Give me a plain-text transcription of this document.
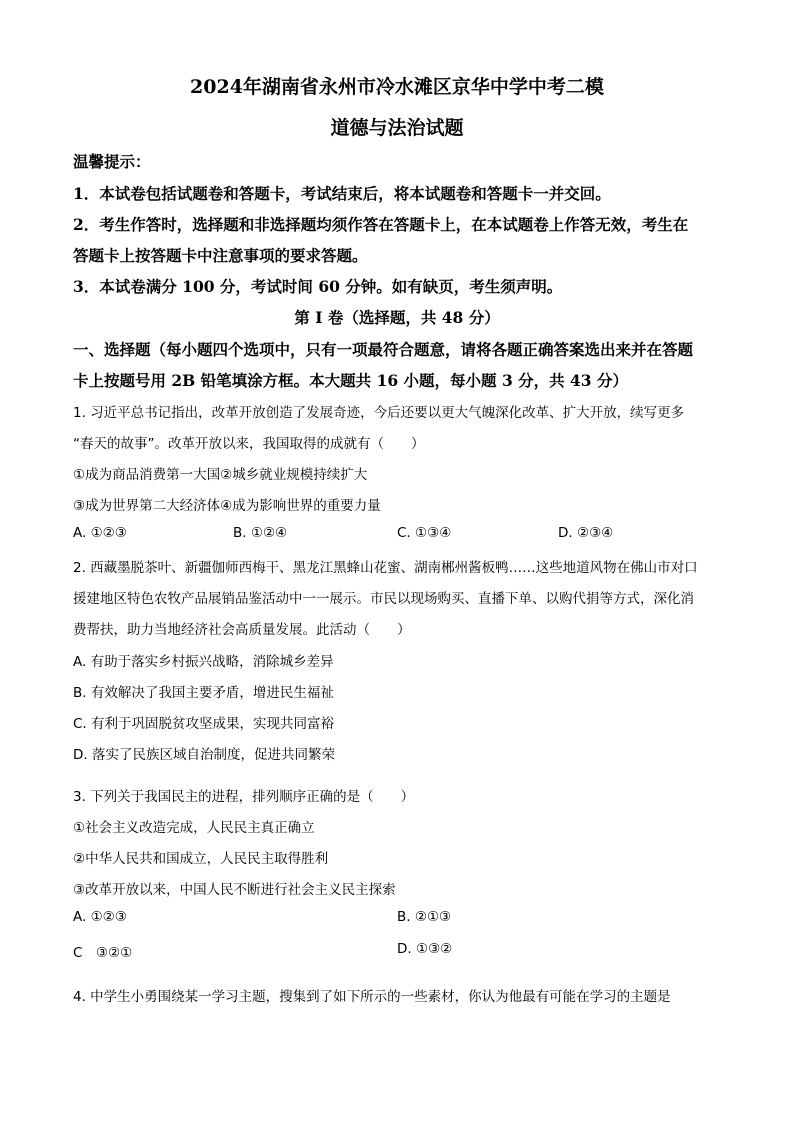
2024年湖南省永州市冷水滩区京华中学中考二模
道德与法治试题
温馨提示：
1．本试卷包括试题卷和答题卡，考试结束后，将本试题卷和答题卡一并交回。
2．考生作答时，选择题和非选择题均须作答在答题卡上，在本试题卷上作答无效，考生在
答题卡上按答题卡中注意事项的要求答题。
3．本试卷满分 100 分，考试时间 60 分钟。如有缺页，考生须声明。
第 I 卷（选择题，共 48 分）
一、选择题（每小题四个选项中，只有一项最符合题意，请将各题正确答案选出来并在答题
卡上按题号用 2B 铅笔填涂方框。本大题共 16 小题，每小题 3 分，共 43 分）
1. 习近平总书记指出，改革开放创造了发展奇迹，今后还要以更大气魄深化改革、扩大开放，续写更多
“春天的故事”。改革开放以来，我国取得的成就有（　　）
①成为商品消费第一大国②城乡就业规模持续扩大
③成为世界第二大经济体④成为影响世界的重要力量
A. ①②③	B. ①②④	C. ①③④	D. ②③④
2. 西藏墨脱茶叶、新疆伽师西梅干、黑龙江黑蜂山花蜜、湖南郴州酱板鸭……这些地道风物在佛山市对口
援建地区特色农牧产品展销品鉴活动中一一展示。市民以现场购买、直播下单、以购代捐等方式，深化消
费帮扶，助力当地经济社会高质量发展。此活动（　　）
A. 有助于落实乡村振兴战略，消除城乡差异
B. 有效解决了我国主要矛盾，增进民生福祉
C. 有利于巩固脱贫攻坚成果，实现共同富裕
D. 落实了民族区域自治制度，促进共同繁荣
3. 下列关于我国民主的进程，排列顺序正确的是（　　）
①社会主义改造完成，人民民主真正确立
②中华人民共和国成立，人民民主取得胜利
③改革开放以来，中国人民不断进行社会主义民主探索
A. ①②③	B. ②①③
C　③②①	D. ①③②
4. 中学生小勇围绕某一学习主题，搜集到了如下所示的一些素材，你认为他最有可能在学习的主题是
